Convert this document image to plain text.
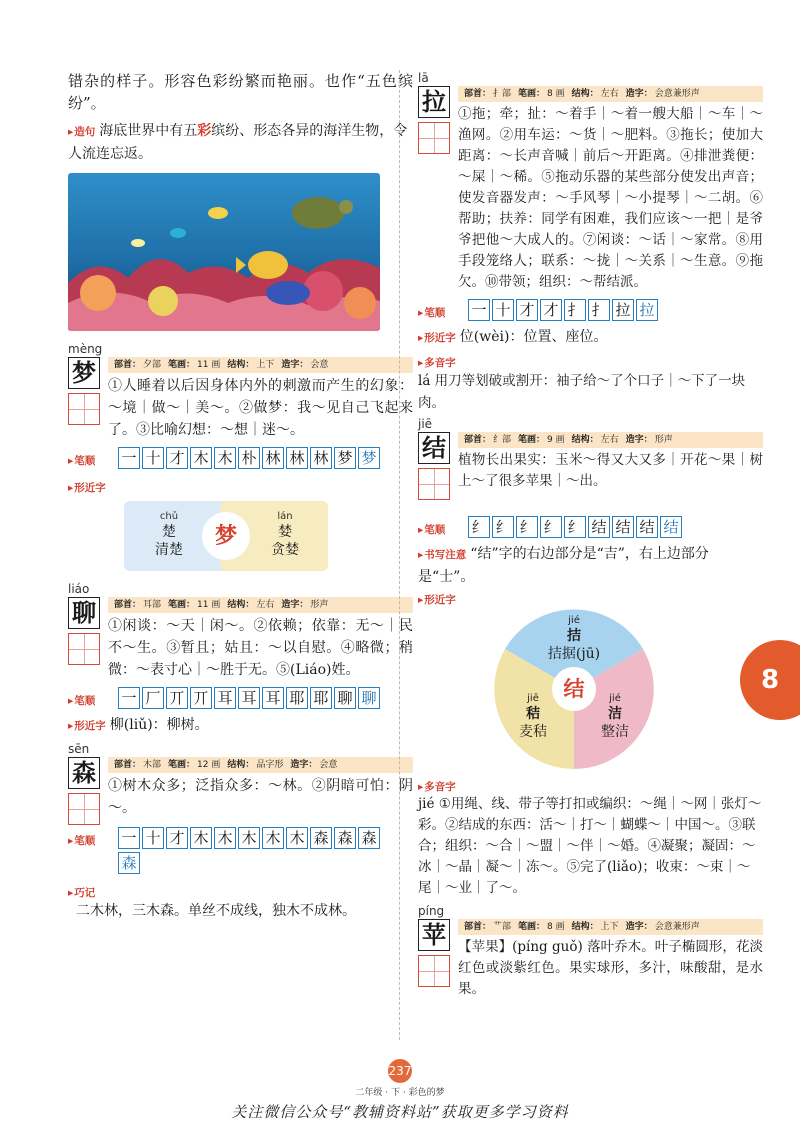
错杂的样子。形容色彩纷繁而艳丽。也作“五色缤纷”。

▸ 造句 海底世界中有五彩缤纷、形态各异的海洋生物，令人流连忘返。
mèng
梦	部首： 夕部 笔画： 11 画 结构： 上下 造字： 会意

①人睡着以后因身体内外的刺激而产生的幻象：～境｜做～｜美～。②做梦：我～见自己飞起来了。③比喻幻想：～想｜迷～。

▸ 笔顺	一 十 才 木 木 朴 林 林 林 梦 梦
▸ 形近字
chǔ
楚
清楚
lán
婪
贪婪
梦
liáo
聊	部首： 耳部 笔画： 11 画 结构： 左右 造字： 形声

①闲谈：～天｜闲～。②依赖；依靠：无～｜民不～生。③暂且；姑且：～以自慰。④略微；稍微：～表寸心｜～胜于无。⑤(Liáo)姓。

▸ 笔顺	一 厂 丌 丌 耳 耳 耳 耶 耶 聊 聊
▸ 形近字 柳(liǔ)：柳树。
sēn
森	部首： 木部 笔画： 12 画 结构： 品字形 造字： 会意

①树木众多；泛指众多：～林。②阴暗可怕：阴～。

▸ 笔顺	一 十 才 木 木 木 木 木 森 森 森
森
▸ 巧记

二木林，三木森。单丝不成线，独木不成林。

lā
拉	部首： 扌部 笔画： 8 画 结构： 左右 造字： 会意兼形声

①拖；牵；扯：～着手｜～着一艘大船｜～车｜～渔网。②用车运：～货｜～肥料。③拖长；使加大距离：～长声音喊｜前后～开距离。④排泄粪便：～屎｜～稀。⑤拖动乐器的某些部分使发出声音；使发音器发声：～手风琴｜～小提琴｜～二胡。⑥帮助；扶养：同学有困难，我们应该～一把｜是爷爷把他～大成人的。⑦闲谈：～话｜～家常。⑧用手段笼络人；联系：～拢｜～关系｜～生意。⑨拖欠。⑩带领；组织：～帮结派。

▸ 笔顺	一 十 才 才 扌 扌 拉 拉
▸ 形近字 位(wèi)：位置、座位。
▸ 多音字

lá 用刀等划破或割开：袖子给～了个口子｜～下了一块肉。

jiē
结	部首： 纟部 笔画： 9 画 结构： 左右 造字： 形声

植物长出果实：玉米～得又大又多｜开花～果｜树上～了很多苹果｜～出。

▸ 笔顺	纟 纟 纟 纟 纟 结 结 结 结
▸ 书写注意 “结”字的右边部分是“吉”，右上边部分是“士”。
▸ 形近字
结
jié
拮
拮据(jū)
jiē
秸
麦秸
jié
洁
整洁
▸ 多音字

jié ①用绳、线、带子等打扣或编织：～绳｜～网｜张灯～彩。②结成的东西：活～｜打～｜蝴蝶～｜中国～。③联合；组织：～合｜～盟｜～伴｜～婚。④凝聚；凝固：～冰｜～晶｜凝～｜冻～。⑤完了(liǎo)；收束：～束｜～尾｜～业｜了～。

píng
苹	部首： 艹部 笔画： 8 画 结构： 上下 造字： 会意兼形声

【苹果】(píng guǒ) 落叶乔木。叶子椭圆形，花淡红色或淡紫红色。果实球形，多汁，味酸甜，是水果。

8
237
二年级 · 下 · 彩色的梦
关注微信公众号“教辅资料站”获取更多学习资料
